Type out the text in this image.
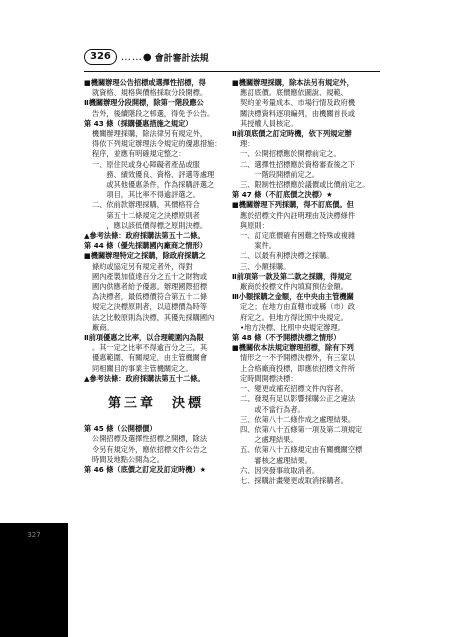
326	……● 會計審計法規
■機關辦理公告招標或選擇性招標，得
就資格、規格與價格採取分段開標。
Ⅱ機關辦理分段開標，除第一階段應公
告外，後續階段之邨選，得免予公告。
第 43 條（採購優惠措施之規定）
機關辦理採購，除法律另有規定外，
得依下列規定辦理法令規定的優惠措施：
程序，並應有明確規定整之：
一、原住民或身心障礙者產品或服
　　務、績效優良、資格、評選等處理
　　或其他優惠条件，作為採購評選之
　　項目，其比率不得逾評選之。
二、依前款辦理採購，其價格符合
　　第五十二條規定之決標原則者
　　，應以該低價得標之原則決標。
▲參考法條：政府採購法第五十二條。
第 44 條（優先採購國內廠商之情形）
■機關辦理特定之採購，除政府採購之
條約或協定另有規定者外，得對
國內產製加值達百分之五十之財物或
國內供應者給予優惠。辦理國際招標
為決標者，最低標價符合第五十二條
規定之決標原則者，以這標價為時等
法之比較原則為決標，其優先採購國內
廠商。
Ⅱ前項優惠之比率，以合理範圍內為限
。其一定之比率不得逾百分之三，其
優惠範圍、有關規定，由主管機關會
同相關目的事業主管機關定之。
▲參考法條：政府採購法第五十二條。
第三章　決標
第 45 條（公開標價）
公開招標及選擇性招標之開標，除法
令另有規定外，應依招標文件公告之
時間及地點公開為之。
第 46 條（底價之訂定及訂定時機）★
■機關辦理採購，除本法另有規定外，
應訂底價。底價應依圖說、規範、
契約並考量成本、市場行情及政府機
關決標資料逐項編列，由機關首長或
其授權人員核定。
Ⅱ前項底價之訂定時機，依下列規定辦
理：
一、公開招標應於開標前定之。
二、選擇性招標應於資格審查後之下
　　一階段開標前定之。
三、限制性招標應於議價或比價前定之。
第 47 條（不訂底價之決標）★
■機關辦理下列採購，得不訂底價。但
應於招標文件內註明理由及決標條件
與原則：
一、訂定底價確有困難之特殊或複雜
　　案件。
二、以最有利標決標之採購。
三、小額採購。
Ⅱ前項第一款及第二款之採購，得規定
廠商於投標文件內填寫預估金額。
Ⅲ小額採購之金額，在中央由主管機關
定之；在地方由直轄市或縣（市）政
府定之。但地方得比照中央規定。
•地方決標、比照中央規定辦理。
第 48 條（不予開標決標之情形）
■機關依本法規定辦理招標，除有下列
情形之一不予開標決標外，有三家以
上合格廠商投標，即應依招標文件所
定時間開標決標：
一、變更或補充招標文件內容者。
二、發現有足以影響採購公正之違法
　　或不當行為者。
三、依第八十二條作成之處理結果。
四、依第八十五條第一項及第二項規定
　　之處理結果。
五、依第八十五條規定由有關機關空標
　　審核之處理結果。
六、因突發事故取消者。
七、採購計畫變更或取消採購者。
327
